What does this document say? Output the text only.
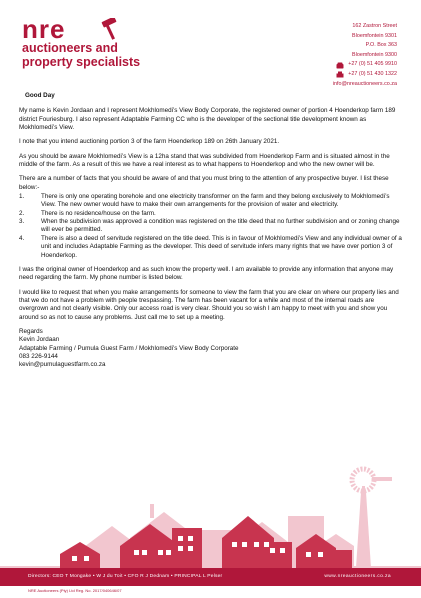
nre
auctioneers and
property specialists
162 Zastron Street
Bloemfontein 9301
P.O. Box 363
Bloemfontein 9300
+27 (0) 51 405 9910
+27 (0) 51 430 1322
info@nreauctioneers.co.za

Good Day

My name is Kevin Jordaan and I represent Mokhlomedi’s View Body Corporate, the registered owner of portion 4 Hoenderkop farm 189 district Fouriesburg. I also represent Adaptable Farming CC who is the developer of the sectional title development known as Mokhlomedi’s View.

I note that you intend auctioning portion 3 of the farm Hoenderkop 189 on 26th January 2021.

As you should be aware Mokhlomedi’s View is a 12ha stand that was subdivided from Hoenderkop Farm and is situated almost in the middle of the farm. As a result of this we have a real interest as to what happens to Hoenderkop and who the new owner will be.

There are a number of facts that you should be aware of and that you must bring to the attention of any prospective buyer. I list these below:-

1.	There is only one operating borehole and one electricity transformer on the farm and they belong exclusively to Mokhlomedi’s View. The new owner would have to make their own arrangements for the provision of water and electricity.
2.	There is no residence/house on the farm.
3.	When the subdivision was approved a condition was registered on the title deed that no further subdivision and or zoning change will ever be permitted.
4.	There is also a deed of servitude registered on the title deed. This is in favour of Mokhlomedi’s View and any individual owner of a unit and includes Adaptable Farming as the developer. This deed of servitude infers many rights that we have over portion 3 of Hoenderkop.

I was the original owner of Hoenderkop and as such know the property well. I am available to provide any information that anyone may need regarding the farm. My phone number is listed below.

I would like to request that when you make arrangements for someone to view the farm that you are clear on where our property lies and that we do not have a problem with people trespassing. The farm has been vacant for a while and most of the internal roads are overgrown and not clearly visible. Only our access road is very clear. Should you so wish I am happy to meet with you and show you around so as not to cause any problems. Just call me to set up a meeting.

Regards
Kevin Jordaan
Adaptable Farming / Pumula Guest Farm / Mokhlomedi’s View Body Corporate
083 226-9144
kevin@pumulaguestfarm.co.za
Directors: CEO T Mongake • W J du Toit • CFO R J Dednam • PRINCIPAL L Pelser	www.nreauctioneers.co.za
NRE Auctioneers (Pty) Ltd Reg. No. 2017/040646/07
